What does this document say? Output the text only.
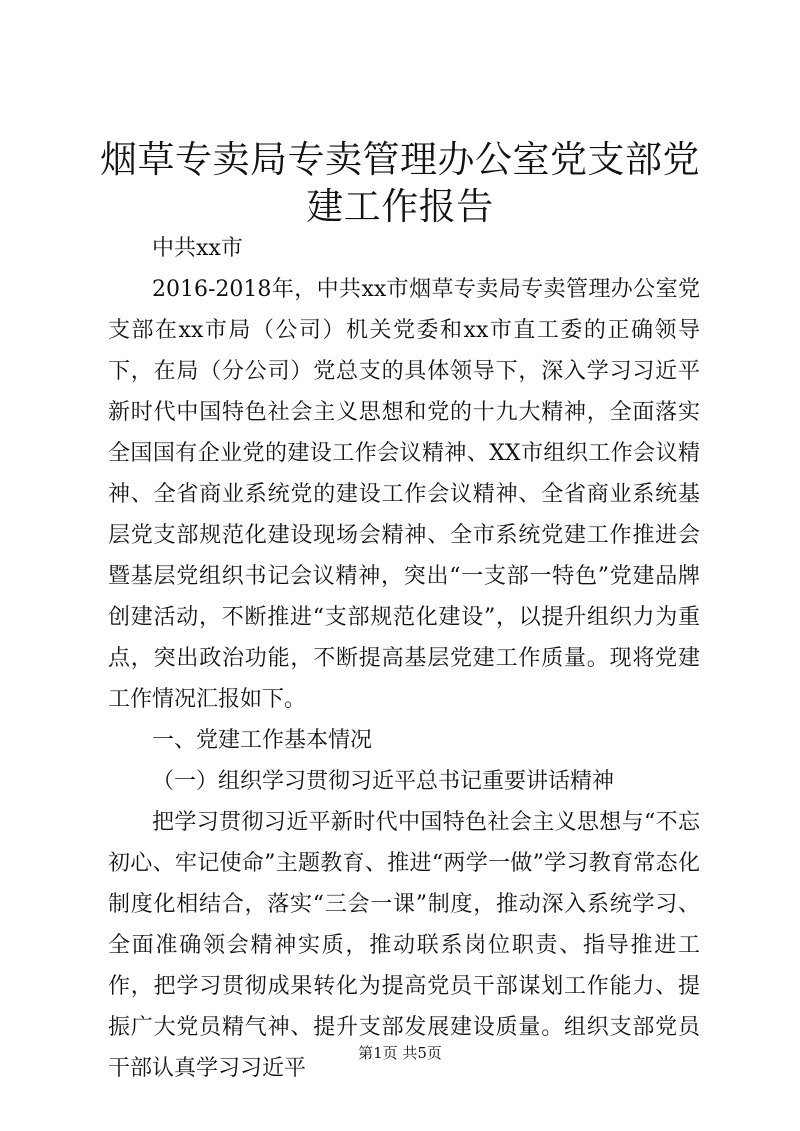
烟草专卖局专卖管理办公室党支部党建工作报告

中共xx市

2016-2018年，中共xx市烟草专卖局专卖管理办公室党支部在xx市局（公司）机关党委和xx市直工委的正确领导下，在局（分公司）党总支的具体领导下，深入学习习近平新时代中国特色社会主义思想和党的十九大精神，全面落实全国国有企业党的建设工作会议精神、XX市组织工作会议精神、全省商业系统党的建设工作会议精神、全省商业系统基层党支部规范化建设现场会精神、全市系统党建工作推进会暨基层党组织书记会议精神，突出“一支部一特色”党建品牌创建活动，不断推进“支部规范化建设”，以提升组织力为重点，突出政治功能，不断提高基层党建工作质量。现将党建工作情况汇报如下。

一、党建工作基本情况

（一）组织学习贯彻习近平总书记重要讲话精神

把学习贯彻习近平新时代中国特色社会主义思想与“不忘初心、牢记使命”主题教育、推进“两学一做”学习教育常态化制度化相结合，落实“三会一课”制度，推动深入系统学习、全面准确领会精神实质，推动联系岗位职责、指导推进工作，把学习贯彻成果转化为提高党员干部谋划工作能力、提振广大党员精气神、提升支部发展建设质量。组织支部党员干部认真学习习近平

第1页 共5页
